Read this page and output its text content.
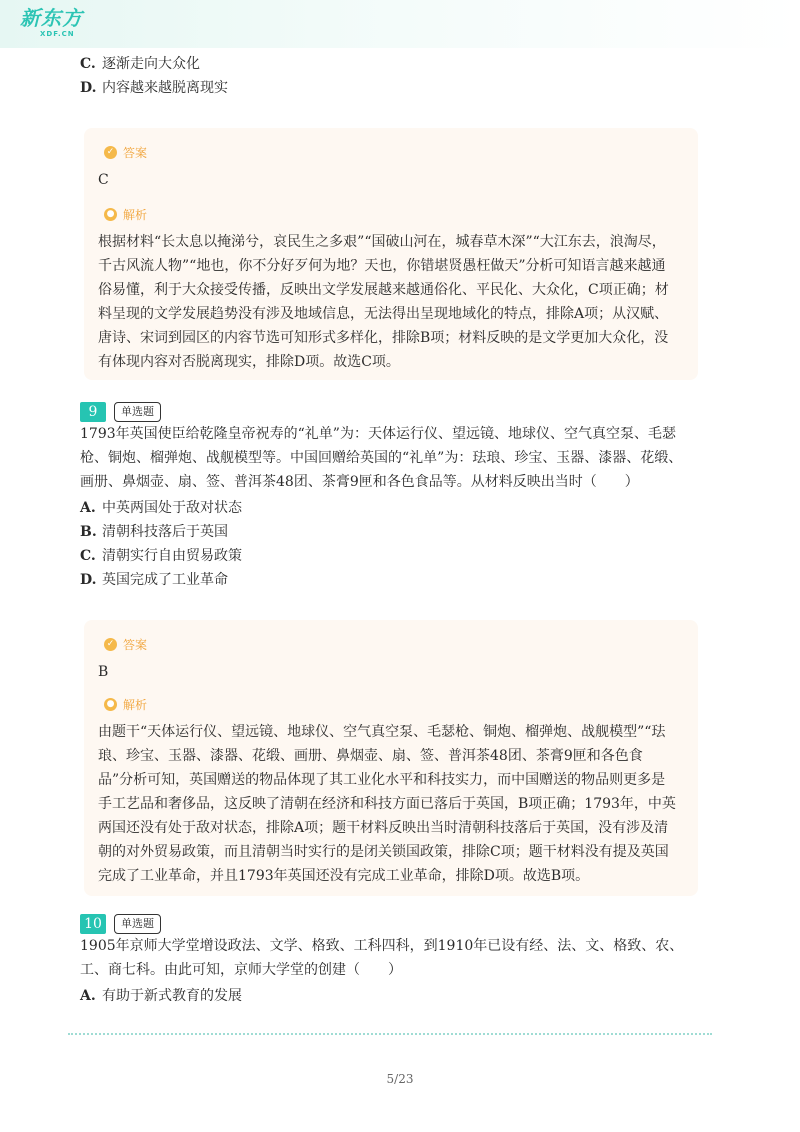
新东方
XDF.CN
C. 逐渐走向大众化
D. 内容越来越脱离现实
✓ 答案
C
● 解析
根据材料“长太息以掩涕兮，哀民生之多艰”“国破山河在，城春草木深”“大江东去，浪淘尽，
千古风流人物”“地也，你不分好歹何为地？天也，你错堪贤愚枉做天”分析可知语言越来越通
俗易懂，利于大众接受传播，反映出文学发展越来越通俗化、平民化、大众化，C项正确；材
料呈现的文学发展趋势没有涉及地域信息，无法得出呈现地域化的特点，排除A项；从汉赋、
唐诗、宋词到园区的内容节选可知形式多样化，排除B项；材料反映的是文学更加大众化，没
有体现内容对否脱离现实，排除D项。故选C项。
9	单选题
1793年英国使臣给乾隆皇帝祝寿的“礼单”为：天体运行仪、望远镜、地球仪、空气真空泵、毛瑟
枪、铜炮、榴弹炮、战舰模型等。中国回赠给英国的“礼单”为：珐琅、珍宝、玉器、漆器、花缎、
画册、鼻烟壶、扇、签、普洱茶48团、茶膏9匣和各色食品等。从材料反映出当时（　　）
A. 中英两国处于敌对状态
B. 清朝科技落后于英国
C. 清朝实行自由贸易政策
D. 英国完成了工业革命
✓ 答案
B
● 解析
由题干“天体运行仪、望远镜、地球仪、空气真空泵、毛瑟枪、铜炮、榴弹炮、战舰模型”“珐
琅、珍宝、玉器、漆器、花缎、画册、鼻烟壶、扇、签、普洱茶48团、茶膏9匣和各色食
品”分析可知，英国赠送的物品体现了其工业化水平和科技实力，而中国赠送的物品则更多是
手工艺品和奢侈品，这反映了清朝在经济和科技方面已落后于英国，B项正确；1793年，中英
两国还没有处于敌对状态，排除A项；题干材料反映出当时清朝科技落后于英国，没有涉及清
朝的对外贸易政策，而且清朝当时实行的是闭关锁国政策，排除C项；题干材料没有提及英国
完成了工业革命，并且1793年英国还没有完成工业革命，排除D项。故选B项。
10	单选题
1905年京师大学堂增设政法、文学、格致、工科四科，到1910年已设有经、法、文、格致、农、
工、商七科。由此可知，京师大学堂的创建（　　）
A. 有助于新式教育的发展
5/23
